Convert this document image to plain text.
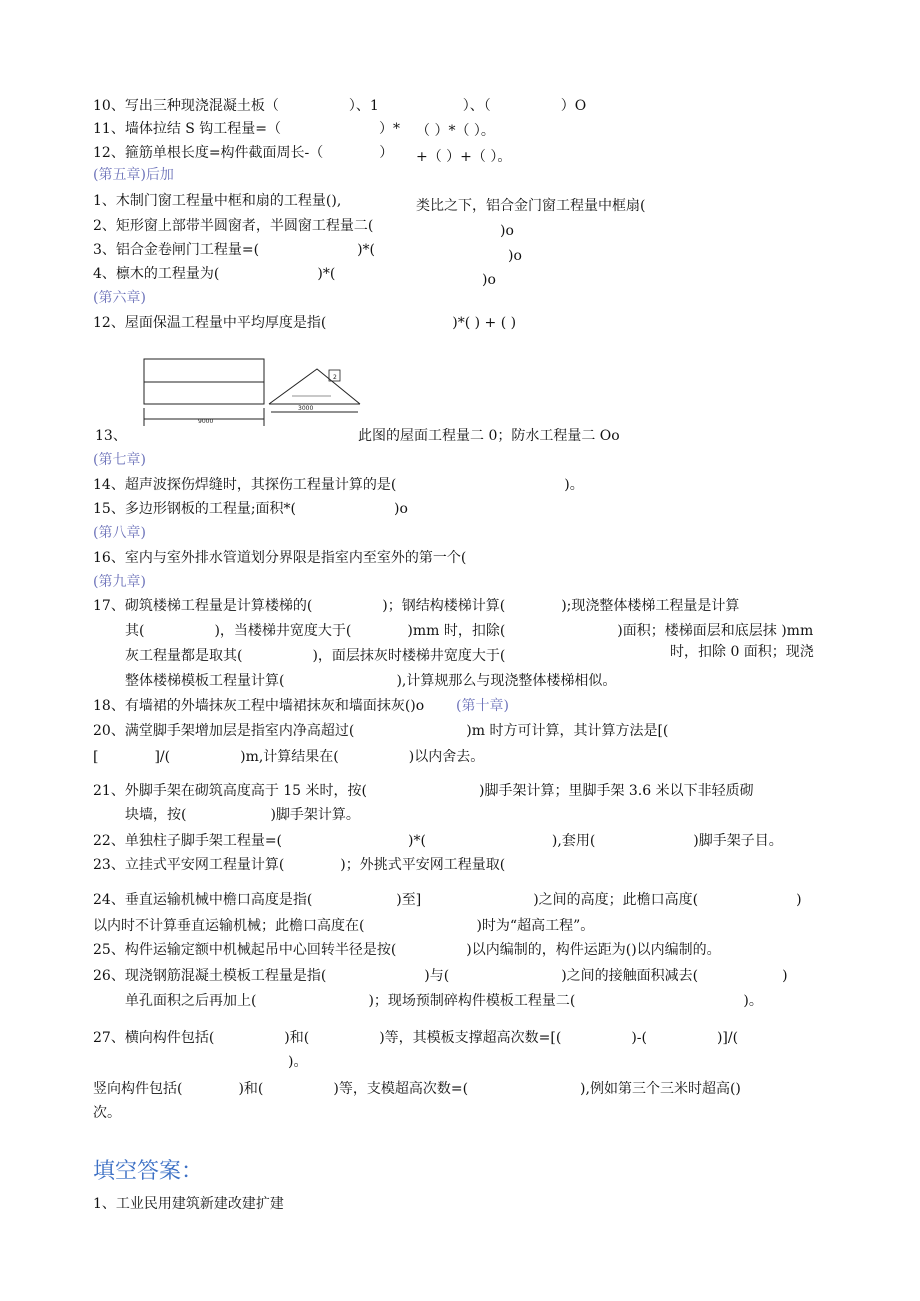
10、写出三种现浇混凝土板（　　　　　）、1　　　　　　）、（　　　　　）O
11、墙体拉结 S 钩工程量=（　　　　　　　）* （ ）*（ ）。
12、箍筋单根长度=构件截面周长-（　　　　） +（ ）+（ ）。
(第五章)后加
1、木制门窗工程量中框和扇的工程量(),	类比之下，铝合金门窗工程量中框扇(
2、矩形窗上部带半圆窗者，半圆窗工程量二(	)o
3、铝合金卷闸门工程量=(　　　　　　　)*(	)o
4、檩木的工程量为(　　　　　　　)*(	)o
(第六章)
12、屋面保温工程量中平均厚度是指(　　　　　　　　　)*( ) + ( )
9000
2
3000
13、	此图的屋面工程量二 0；防水工程量二 Oo
(第七章)
14、超声波探伤焊缝时，其探伤工程量计算的是(　　　　　　　　　　　　)。
15、多边形钢板的工程量;面积*(　　　　　　　)o
(第八章)
16、室内与室外排水管道划分界限是指室内至室外的第一个(
(第九章)
17、砌筑楼梯工程量是计算楼梯的(　　　　　)；钢结构楼梯计算(　　　　);现浇整体楼梯工程量是计算
其(　　　　　)，当楼梯井宽度大于(　　　　)mm 时，扣除(　　　　　　　　)面积；楼梯面层和底层抹 )mm
灰工程量都是取其(　　　　　)，面层抹灰时楼梯井宽度大于(	时，扣除 0 面积；现浇
整体楼梯模板工程量计算(　　　　　　　　),计算规那么与现浇整体楼梯相似。
18、有墙裙的外墙抹灰工程中墙裙抹灰和墙面抹灰()o (第十章)
20、满堂脚手架增加层是指室内净高超过(　　　　　　　　)m 时方可计算，其计算方法是[(
[　　　　]/(　　　　　)m,计算结果在(　　　　　)以内舍去。
21、外脚手架在砌筑高度高于 15 米时，按(　　　　　　　　)脚手架计算；里脚手架 3.6 米以下非轻质砌
块墙，按(　　　　　　)脚手架计算。
22、单独柱子脚手架工程量=(　　　　　　　　　)*(　　　　　　　　　),套用(　　　　　　　)脚手架子目。
23、立挂式平安网工程量计算(　　　　)；外挑式平安网工程量取(
24、垂直运输机械中檐口高度是指(　　　　　　)至]　　　　　　　　)之间的高度；此檐口高度(　　　　　　　)
以内时不计算垂直运输机械；此檐口高度在(　　　　　　　　)时为“超高工程”。
25、构件运输定额中机械起吊中心回转半径是按(　　　　　)以内编制的，构件运距为()以内编制的。
26、现浇钢筋混凝土模板工程量是指(　　　　　　　)与(　　　　　　　　)之间的接触面积减去(　　　　　　)
单孔面积之后再加上(　　　　　　　　)；现场预制碎构件模板工程量二(　　　　　　　　　　　　)。
27、横向构件包括(　　　　　)和(　　　　　)等，其模板支撑超高次数=[(　　　　　)-(　　　　　)]/(
)。
竖向构件包括(　　　　)和(　　　　　)等，支模超高次数=(　　　　　　　　),例如第三个三米时超高()
次。
填空答案：
1、工业民用建筑新建改建扩建
